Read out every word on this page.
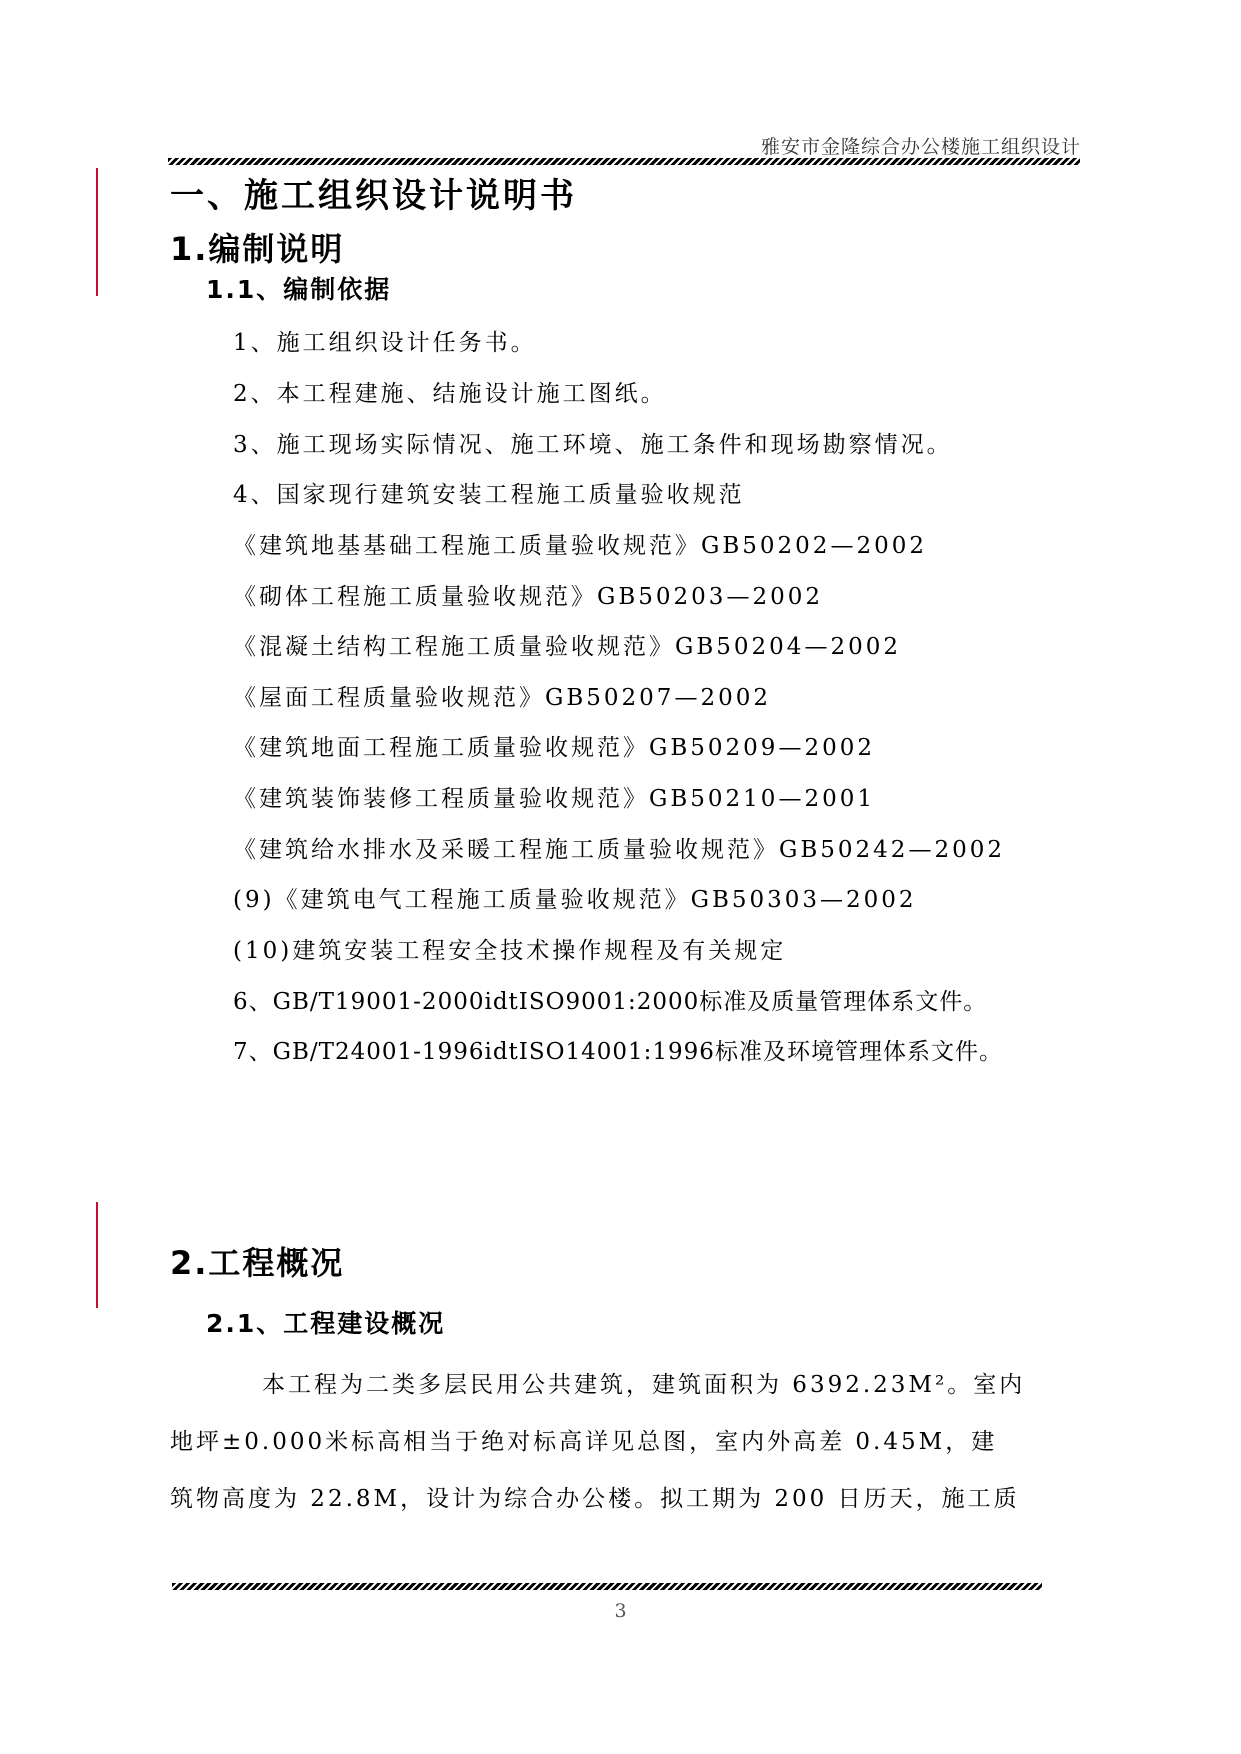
雅安市金隆综合办公楼施工组织设计
一、施工组织设计说明书
1.编制说明
1.1、编制依据
1、施工组织设计任务书。
2、本工程建施、结施设计施工图纸。
3、施工现场实际情况、施工环境、施工条件和现场勘察情况。
4、国家现行建筑安装工程施工质量验收规范
《建筑地基基础工程施工质量验收规范》GB50202—2002
《砌体工程施工质量验收规范》GB50203—2002
《混凝土结构工程施工质量验收规范》GB50204—2002
《屋面工程质量验收规范》GB50207—2002
《建筑地面工程施工质量验收规范》GB50209—2002
《建筑装饰装修工程质量验收规范》GB50210—2001
《建筑给水排水及采暖工程施工质量验收规范》GB50242—2002
(9)《建筑电气工程施工质量验收规范》GB50303—2002
(10)建筑安装工程安全技术操作规程及有关规定
6、GB/T19001-2000idtISO9001:2000标准及质量管理体系文件。
7、GB/T24001-1996idtISO14001:1996标准及环境管理体系文件。
2.工程概况
2.1、工程建设概况
本工程为二类多层民用公共建筑，建筑面积为 6392.23M²。室内
地坪±0.000米标高相当于绝对标高详见总图，室内外高差 0.45M，建
筑物高度为 22.8M，设计为综合办公楼。拟工期为 200 日历天，施工质
3
